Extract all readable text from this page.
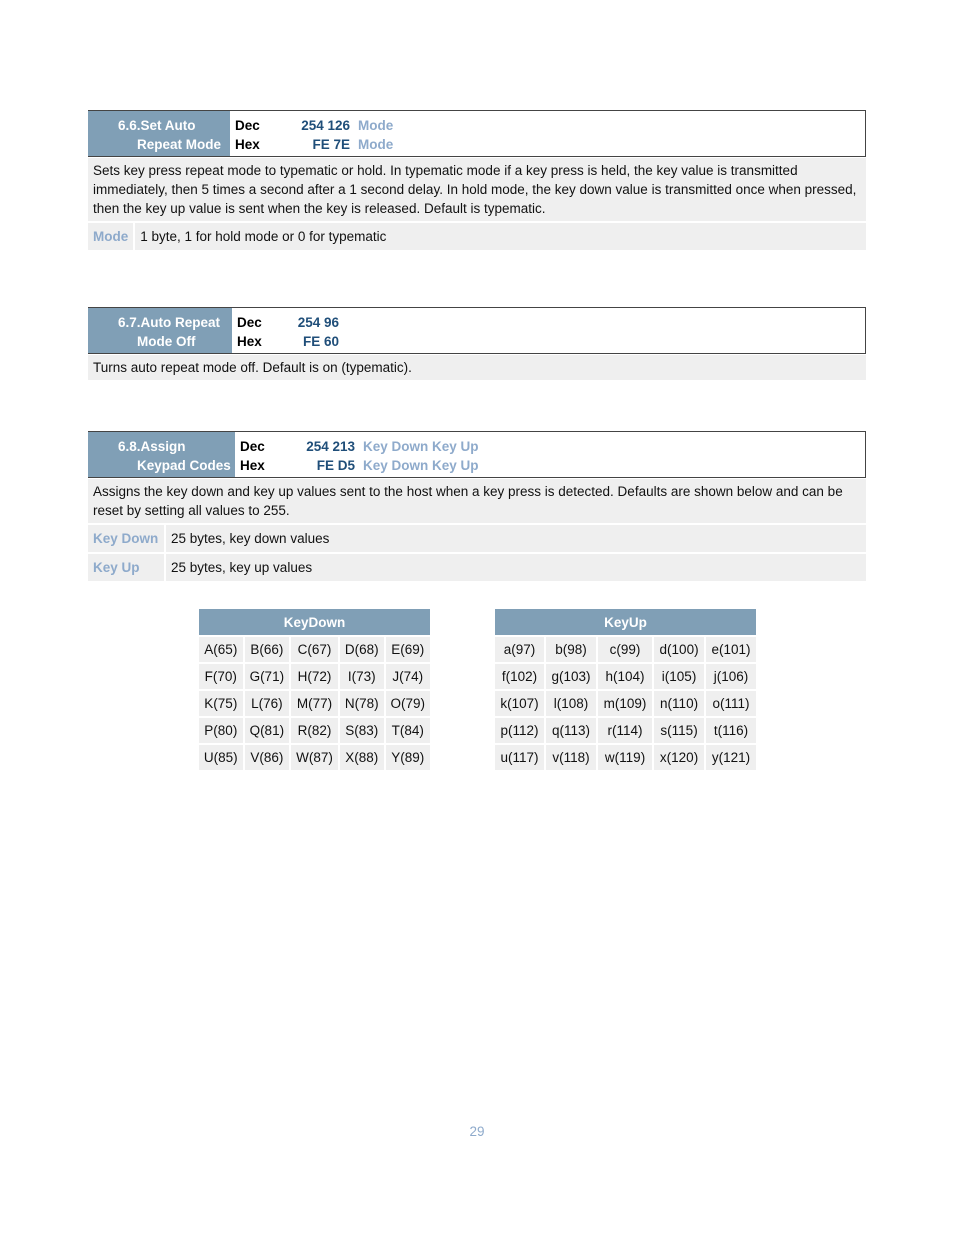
6.6.Set Auto
Repeat Mode
Dec	254 126 Mode
Hex	FE 7E Mode
Sets key press repeat mode to typematic or hold. In typematic mode if a key press is held, the key value is transmitted immediately, then 5 times a second after a 1 second delay. In hold mode, the key down value is transmitted once when pressed, then the key up value is sent when the key is released. Default is typematic.
Mode 1 byte, 1 for hold mode or 0 for typematic
6.7.Auto Repeat
Mode Off
Dec	254 96
Hex	FE 60
Turns auto repeat mode off. Default is on (typematic).
6.8.Assign
Keypad Codes
Dec	254 213 Key Down Key Up
Hex	FE D5 Key Down Key Up
Assigns the key down and key up values sent to the host when a key press is detected. Defaults are shown below and can be reset by setting all values to 255.
Key Down 25 bytes, key down values
Key Up	25 bytes, key up values
KeyDown				
A(65)	B(66)	C(67)	D(68)	E(69)
F(70)	G(71)	H(72)	I(73)	J(74)
K(75)	L(76)	M(77)	N(78)	O(79)
P(80)	Q(81)	R(82)	S(83)	T(84)
U(85)	V(86)	W(87)	X(88)	Y(89)
KeyUp				
a(97)	b(98)	c(99)	d(100)	e(101)
f(102)	g(103)	h(104)	i(105)	j(106)
k(107)	l(108)	m(109)	n(110)	o(111)
p(112)	q(113)	r(114)	s(115)	t(116)
u(117)	v(118)	w(119)	x(120)	y(121)
29
